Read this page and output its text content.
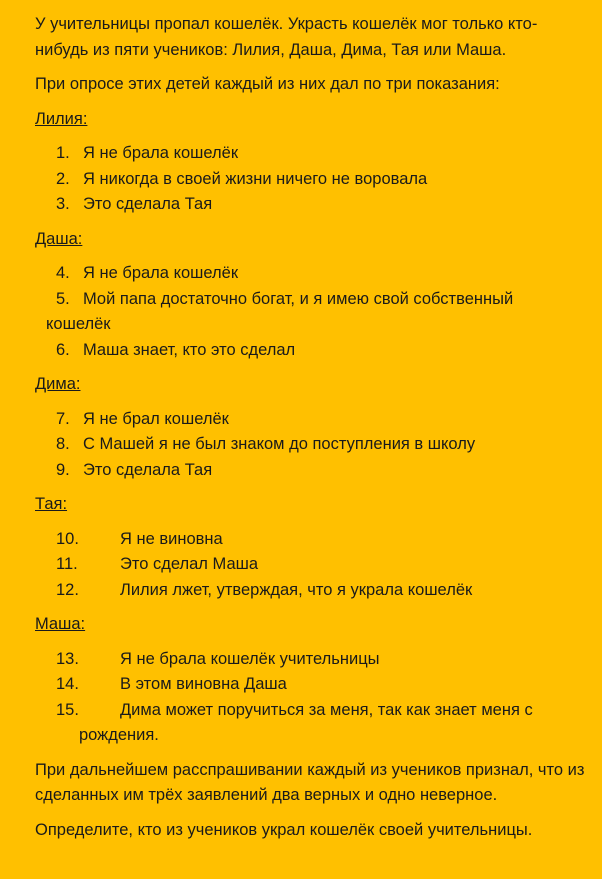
У учительницы пропал кошелёк. Украсть кошелёк мог только кто-нибудь из пяти учеников: Лилия, Даша, Дима, Тая или Маша.

При опросе этих детей каждый из них дал по три показания:

Лилия:

1. Я не брала кошелёк
2. Я никогда в своей жизни ничего не воровала
3. Это сделала Тая

Даша:

4. Я не брала кошелёк
5. Мой папа достаточно богат, и я имею свой собственный
кошелёк
6. Маша знает, кто это сделал

Дима:

7. Я не брал кошелёк
8. С Машей я не был знаком до поступления в школу
9. Это сделала Тая

Тая:

10. Я не виновна
11.	Это сделал Маша
12. Лилия лжет, утверждая, что я украла кошелёк

Маша:

13. Я не брала кошелёк учительницы
14. В этом виновна Даша
15. Дима может поручиться за меня, так как знает меня с
рождения.

При дальнейшем расспрашивании каждый из учеников признал, что из сделанных им трёх заявлений два верных и одно неверное.

Определите, кто из учеников украл кошелёк своей учительницы.
